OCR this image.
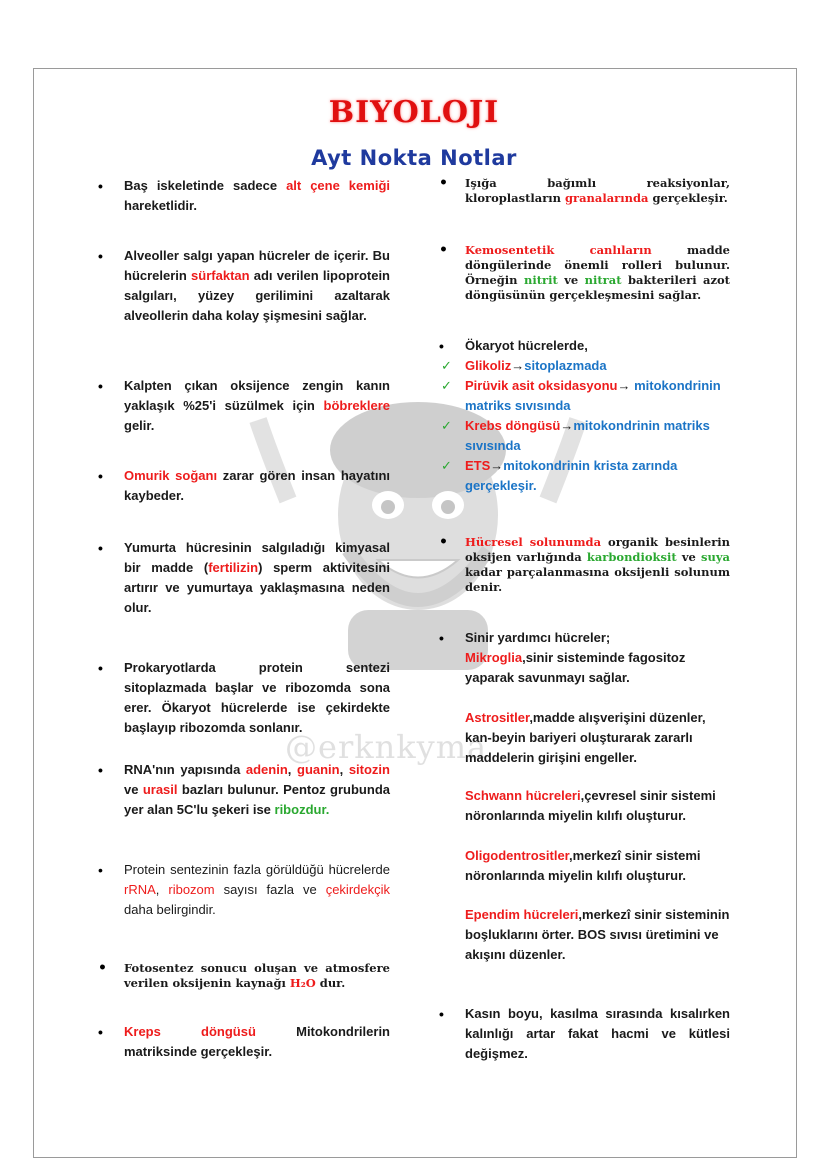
BIYOLOJI
Ayt Nokta Notlar
@erknkyma
• Baş iskeletinde sadece alt çene kemiği hareketlidir.
• Alveoller salgı yapan hücreler de içerir. Bu hücrelerin sürfaktan adı verilen lipoprotein salgıları, yüzey gerilimini azaltarak alveollerin daha kolay şişmesini sağlar.
• Kalpten çıkan oksijence zengin kanın yaklaşık %25'i süzülmek için böbreklere gelir.
• Omurik soğanı zarar gören insan hayatını kaybeder.
• Yumurta hücresinin salgıladığı kimyasal bir madde (fertilizin) sperm aktivitesini artırır ve yumurtaya yaklaşmasına neden olur.
• Prokaryotlarda protein sentezi sitoplazmada başlar ve ribozomda sona erer. Ökaryot hücrelerde ise çekirdekte başlayıp ribozomda sonlanır.
• RNA'nın yapısında adenin, guanin, sitozin ve urasil bazları bulunur. Pentoz grubunda yer alan 5C'lu şekeri ise ribozdur.
• Protein sentezinin fazla görüldüğü hücrelerde rRNA, ribozom sayısı fazla ve çekirdekçik daha belirgindir.
• Fotosentez sonucu oluşan ve atmosfere verilen oksijenin kaynağı H₂O dur.
• Kreps döngüsü Mitokondrilerin matriksinde gerçekleşir.
• Işığa bağımlı reaksiyonlar, kloroplastların granalarında gerçekleşir.
• Kemosentetik canlıların madde döngülerinde önemli rolleri bulunur. Örneğin nitrit ve nitrat bakterileri azot döngüsünün gerçekleşmesini sağlar.
• Ökaryot hücrelerde,
✓ Glikoliz→sitoplazmada
✓ Pirüvik asit oksidasyonu→ mitokondrinin matriks sıvısında
✓ Krebs döngüsü→mitokondrinin matriks sıvısında
✓ ETS→mitokondrinin krista zarında gerçekleşir.
• Hücresel solunumda organik besinlerin oksijen varlığında karbondioksit ve suya kadar parçalanmasına oksijenli solunum denir.
• Sinir yardımcı hücreler;
Mikroglia,sinir sisteminde fagositoz yaparak savunmayı sağlar.
Astrositler,madde alışverişini düzenler, kan-beyin bariyeri oluşturarak zararlı maddelerin girişini engeller.
Schwann hücreleri,çevresel sinir sistemi nöronlarında miyelin kılıfı oluşturur.
Oligodentrositler,merkezî sinir sistemi nöronlarında miyelin kılıfı oluşturur.
Ependim hücreleri,merkezî sinir sisteminin boşluklarını örter. BOS sıvısı üretimini ve akışını düzenler.
• Kasın boyu, kasılma sırasında kısalırken kalınlığı artar fakat hacmi ve kütlesi değişmez.
